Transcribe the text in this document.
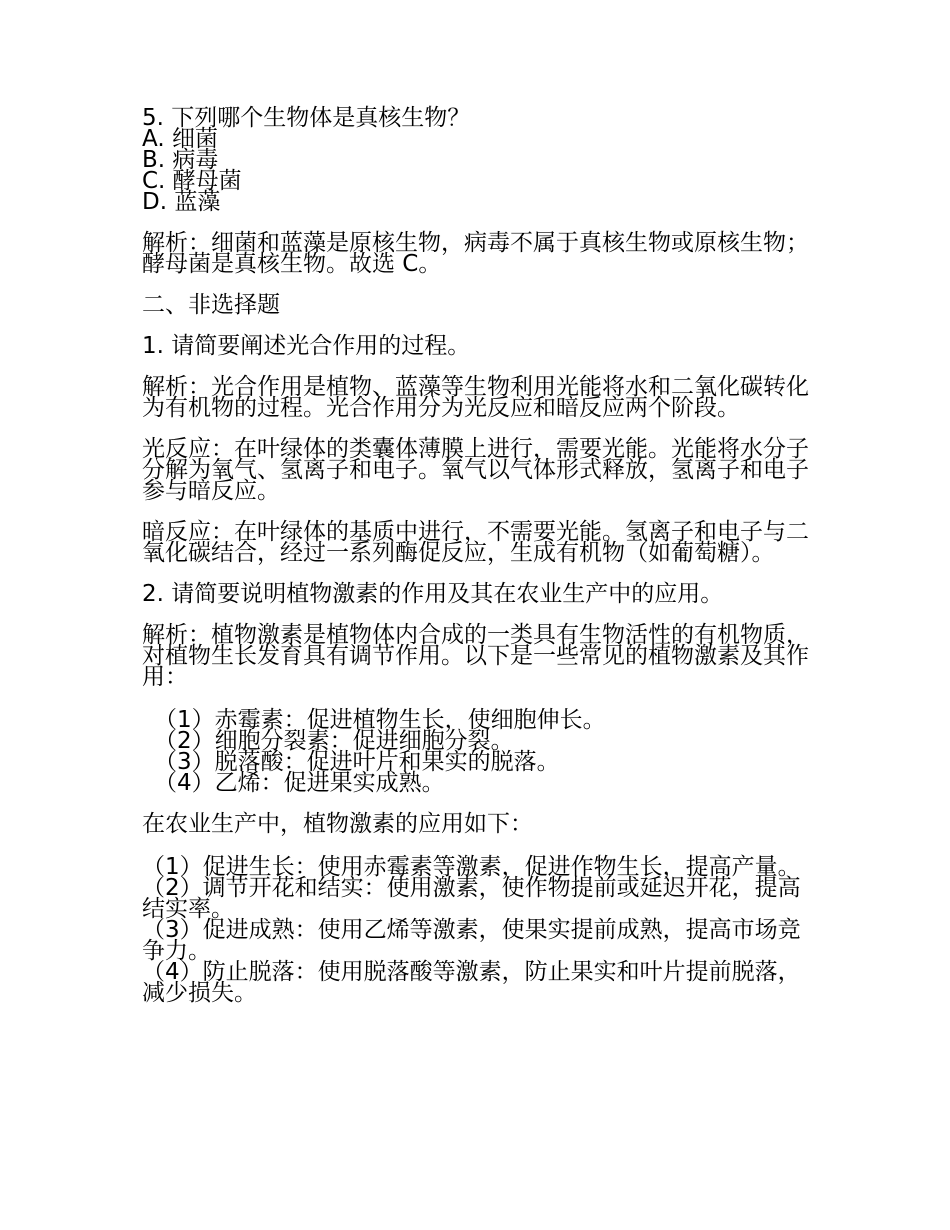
5. 下列哪个生物体是真核生物？
A. 细菌
B. 病毒
C. 酵母菌
D. 蓝藻
解析：细菌和蓝藻是原核生物，病毒不属于真核生物或原核生物；酵母菌是真核生物。故选 C。
二、非选择题
1. 请简要阐述光合作用的过程。
解析：光合作用是植物、蓝藻等生物利用光能将水和二氧化碳转化为有机物的过程。光合作用分为光反应和暗反应两个阶段。
光反应：在叶绿体的类囊体薄膜上进行，需要光能。光能将水分子分解为氧气、氢离子和电子。氧气以气体形式释放，氢离子和电子参与暗反应。
暗反应：在叶绿体的基质中进行，不需要光能。氢离子和电子与二氧化碳结合，经过一系列酶促反应，生成有机物（如葡萄糖）。
2. 请简要说明植物激素的作用及其在农业生产中的应用。
解析：植物激素是植物体内合成的一类具有生物活性的有机物质，对植物生长发育具有调节作用。以下是一些常见的植物激素及其作用：
（1）赤霉素：促进植物生长，使细胞伸长。
（2）细胞分裂素：促进细胞分裂。
（3）脱落酸：促进叶片和果实的脱落。
（4）乙烯：促进果实成熟。
在农业生产中，植物激素的应用如下：
（1）促进生长：使用赤霉素等激素，促进作物生长，提高产量。
（2）调节开花和结实：使用激素，使作物提前或延迟开花，提高结实率。
（3）促进成熟：使用乙烯等激素，使果实提前成熟，提高市场竞争力。
（4）防止脱落：使用脱落酸等激素，防止果实和叶片提前脱落，减少损失。
